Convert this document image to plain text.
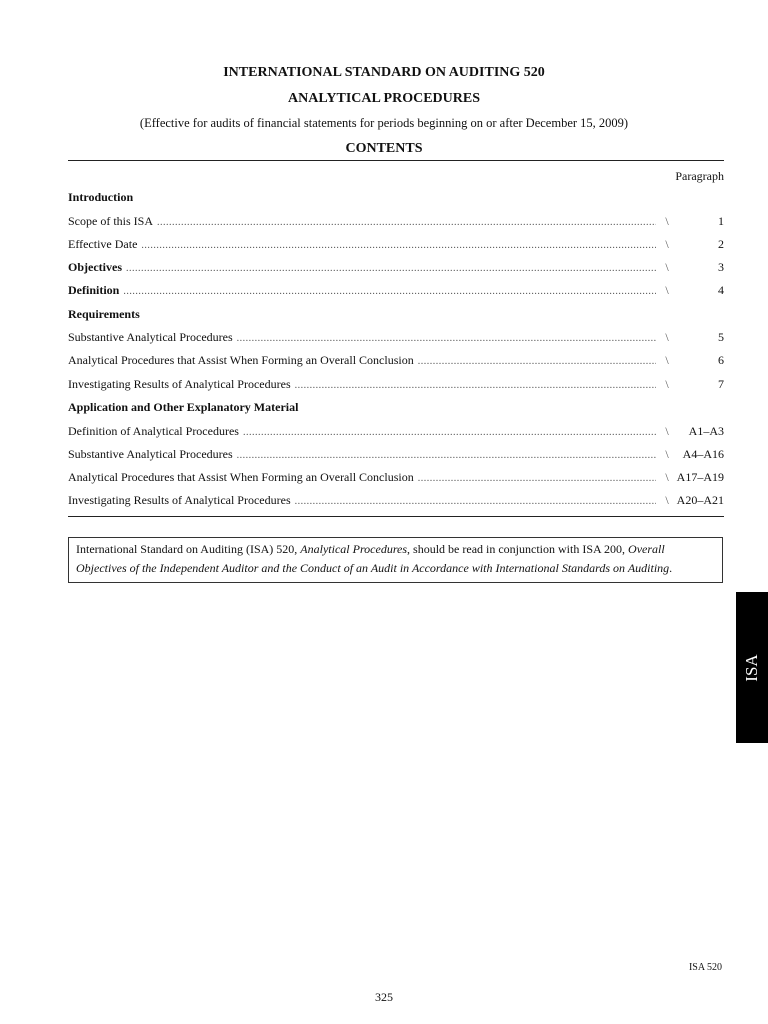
INTERNATIONAL STANDARD ON AUDITING 520
ANALYTICAL PROCEDURES
(Effective for audits of financial statements for periods beginning on or after December 15, 2009)
CONTENTS
Paragraph
Introduction
Scope of this ISA .....	\	1
Effective Date .....	\	2
Objectives .....	\	3
Definition .....	\	4
Requirements
Substantive Analytical Procedures .....	\	5
Analytical Procedures that Assist When Forming an Overall Conclusion .....	\	6
Investigating Results of Analytical Procedures .....	\	7
Application and Other Explanatory Material
Definition of Analytical Procedures .....	\	A1–A3
Substantive Analytical Procedures .....	\	A4–A16
Analytical Procedures that Assist When Forming an Overall Conclusion .....	\ A17–A19
Investigating Results of Analytical Procedures .....	\ A20–A21
International Standard on Auditing (ISA) 520, Analytical Procedures, should be read in conjunction with ISA 200, Overall Objectives of the Independent Auditor and the Conduct of an Audit in Accordance with International Standards on Auditing.
ISA
ISA 520
325
